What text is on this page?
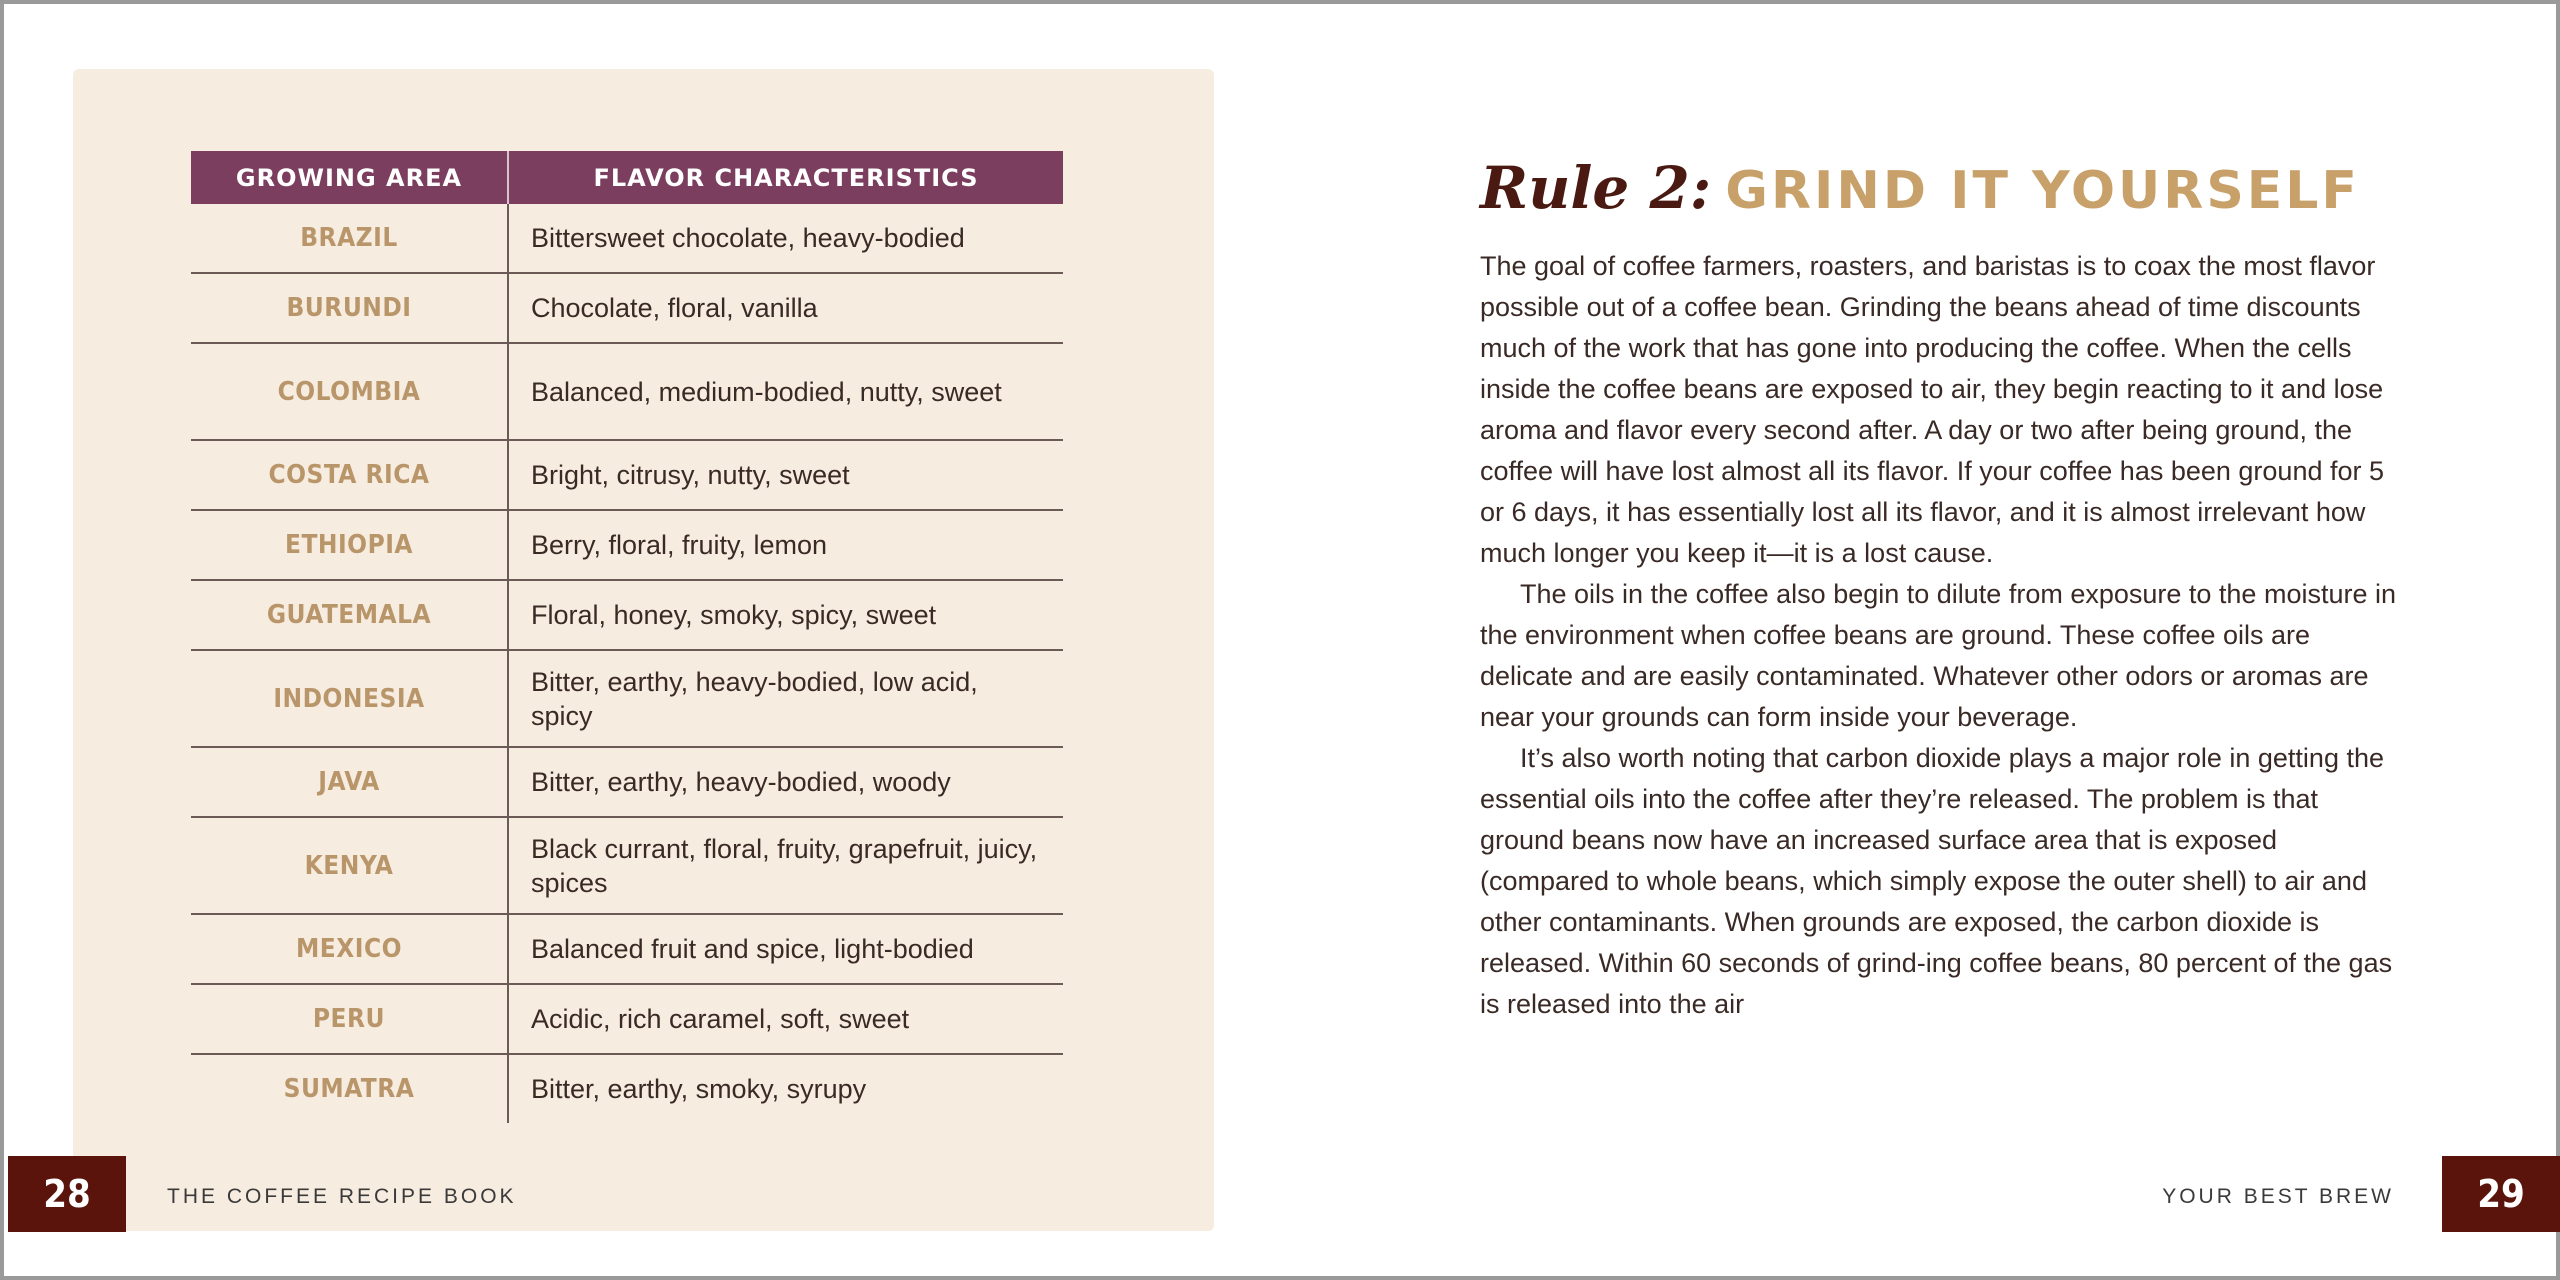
GROWING AREA	FLAVOR CHARACTERISTICS
BRAZIL	Bittersweet chocolate, heavy-bodied
BURUNDI	Chocolate, floral, vanilla
COLOMBIA	Balanced, medium-bodied, nutty, sweet
COSTA RICA	Bright, citrusy, nutty, sweet
ETHIOPIA	Berry, floral, fruity, lemon
GUATEMALA	Floral, honey, smoky, spicy, sweet
INDONESIA	Bitter, earthy, heavy-bodied, low acid, spicy
JAVA	Bitter, earthy, heavy-bodied, woody
KENYA	Black currant, floral, fruity, grapefruit, juicy, spices
MEXICO	Balanced fruit and spice, light-bodied
PERU	Acidic, rich caramel, soft, sweet
SUMATRA	Bitter, earthy, smoky, syrupy
28	THE COFFEE RECIPE BOOK
Rule 2: GRIND IT YOURSELF

The goal of coffee farmers, roasters, and baristas is to coax the most flavor possible out of a coffee bean. Grinding the beans ahead of time discounts much of the work that has gone into producing the coffee. When the cells inside the coffee beans are exposed to air, they begin reacting to it and lose aroma and flavor every second after. A day or two after being ground, the coffee will have lost almost all its flavor. If your coffee has been ground for 5 or 6 days, it has essentially lost all its flavor, and it is almost irrelevant how much longer you keep it—it is a lost cause.

The oils in the coffee also begin to dilute from exposure to the moisture in the environment when coffee beans are ground. These coffee oils are delicate and are easily contaminated. Whatever other odors or aromas are near your grounds can form inside your beverage.

It’s also worth noting that carbon dioxide plays a major role in getting the essential oils into the coffee after they’re released. The problem is that ground beans now have an increased surface area that is exposed (compared to whole beans, which simply expose the outer shell) to air and other contaminants. When grounds are exposed, the carbon dioxide is released. Within 60 seconds of grind-ing coffee beans, 80 percent of the gas is released into the air

YOUR BEST BREW	29
